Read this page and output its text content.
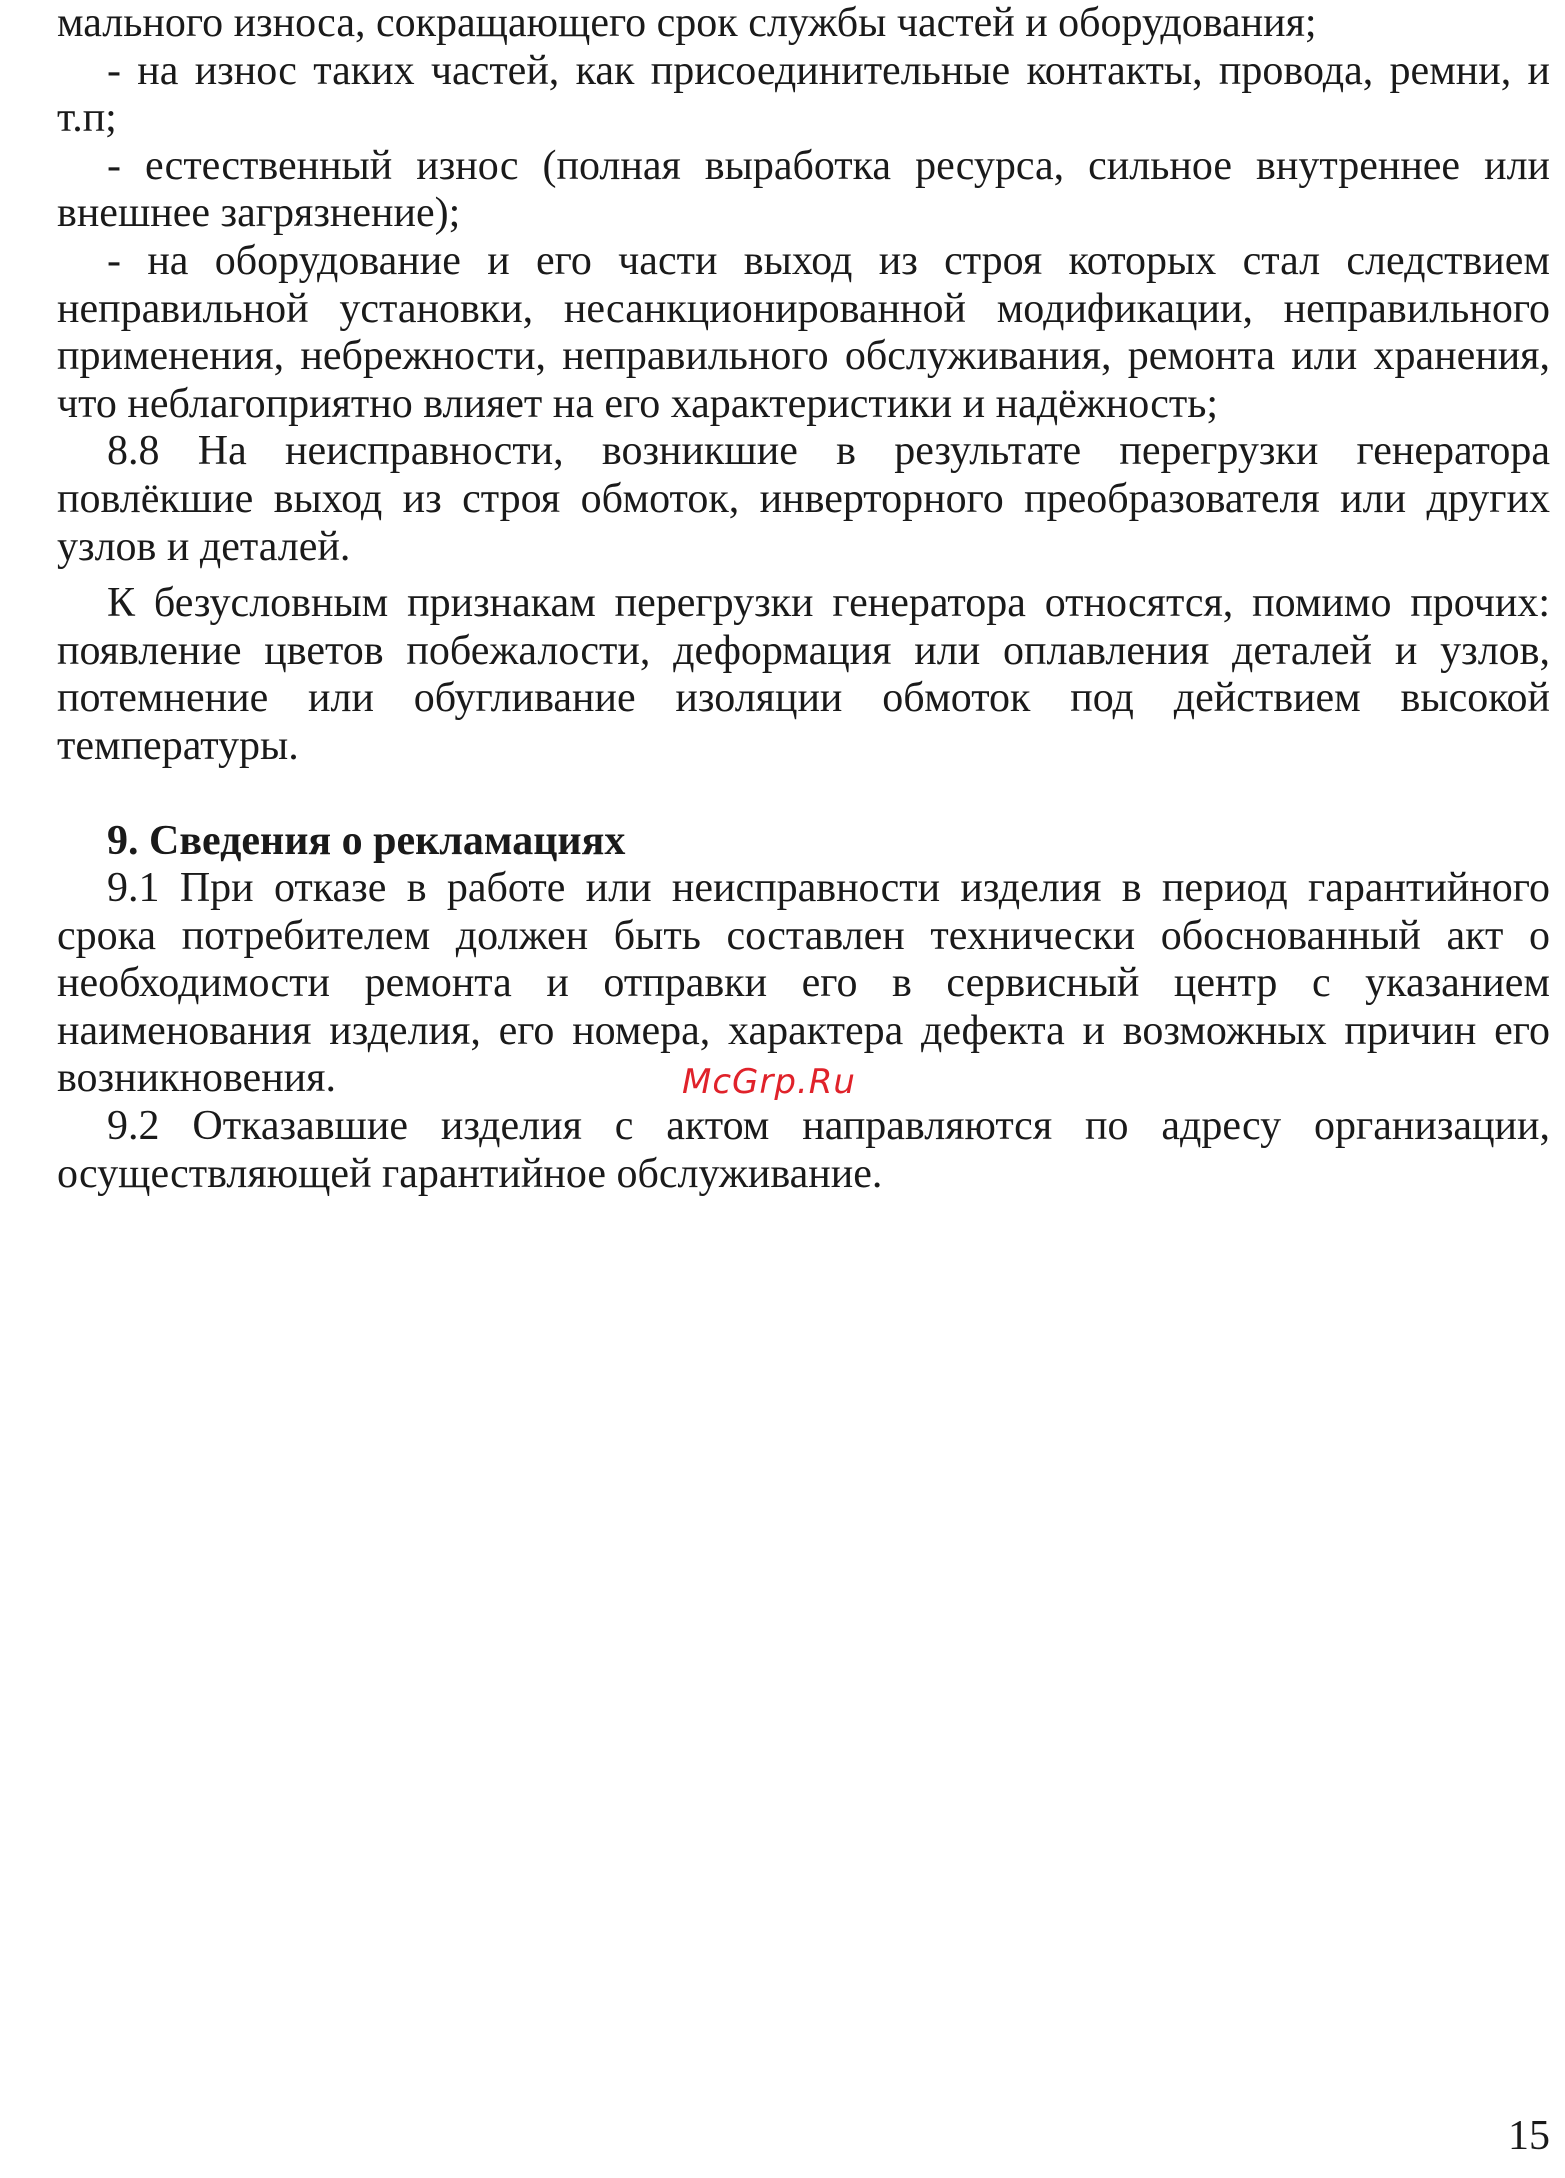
мального износа, сокращающего срок службы частей и оборудования;

- на износ таких частей, как присоединительные контакты, провода, ремни, и т.п;

- естественный износ (полная выработка ресурса, сильное внутреннее или внешнее загрязнение);

- на оборудование и его части выход из строя которых стал следствием неправильной установки, несанкционированной модификации, неправильного применения, небрежности, неправильного обслуживания, ремонта или хранения, что неблагоприятно влияет на его характеристики и надёжность;

8.8 На неисправности, возникшие в результате перегрузки генератора повлёкшие выход из строя обмоток, инверторного преобразователя или других узлов и деталей.

К безусловным признакам перегрузки генератора относятся, помимо прочих: появление цветов побежалости, деформация или оплавления деталей и узлов, потемнение или обугливание изоляции обмоток под действием высокой температуры.

9. Сведения о рекламациях

9.1 При отказе в работе или неисправности изделия в период гарантийного срока потребителем должен быть составлен технически обоснованный акт о необходимости ремонта и отправки его в сервисный центр с указанием наименования изделия, его номера, характера дефекта и возможных причин его возникновения.

9.2 Отказавшие изделия с актом направляются по адресу организации, осуществляющей гарантийное обслуживание.

McGrp.Ru
15
